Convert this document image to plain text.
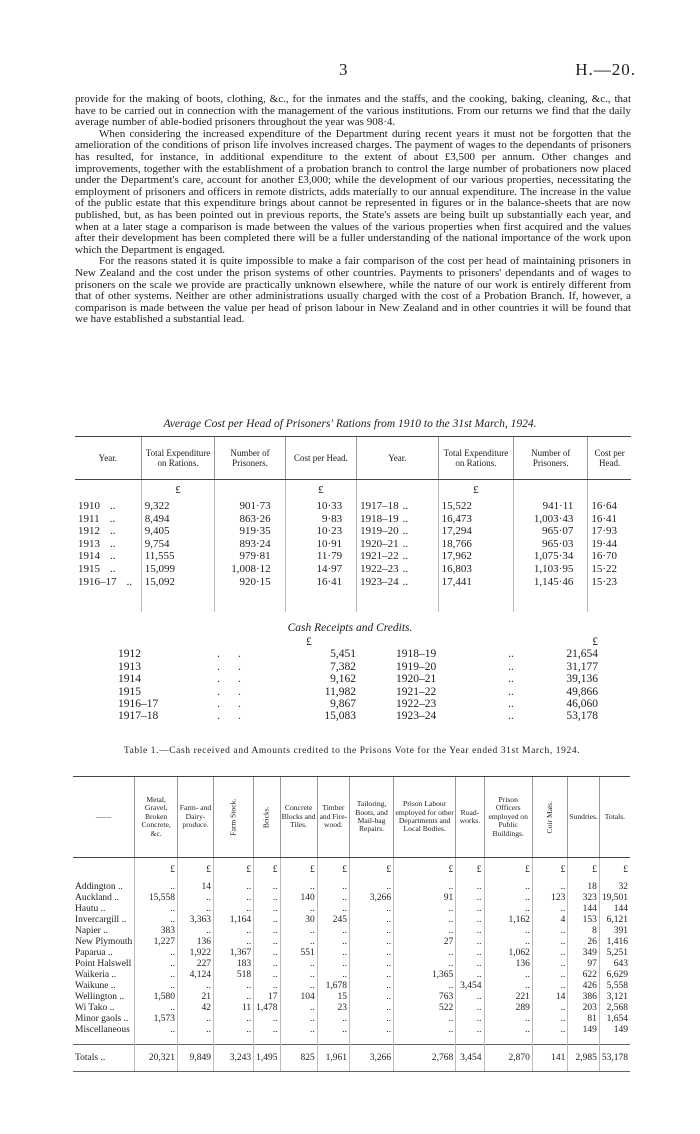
3	H.—20.

provide for the making of boots, clothing, &c., for the inmates and the staffs, and the cooking, baking, cleaning, &c., that have to be carried out in connection with the management of the various institutions. From our returns we find that the daily average number of able-bodied prisoners throughout the year was 908·4.

When considering the increased expenditure of the Department during recent years it must not be forgotten that the amelioration of the conditions of prison life involves increased charges. The payment of wages to the dependants of prisoners has resulted, for instance, in additional expenditure to the extent of about £3,500 per annum. Other changes and improvements, together with the establishment of a probation branch to control the large number of probationers now placed under the Department's care, account for another £3,000; while the development of our various properties, necessitating the employment of prisoners and officers in remote districts, adds materially to our annual expenditure. The increase in the value of the public estate that this expenditure brings about cannot be represented in figures or in the balance-sheets that are now published, but, as has been pointed out in previous reports, the State's assets are being built up substantially each year, and when at a later stage a comparison is made between the values of the various properties when first acquired and the values after their development has been completed there will be a fuller understanding of the national importance of the work upon which the Department is engaged.

For the reasons stated it is quite impossible to make a fair comparison of the cost per head of maintaining prisoners in New Zealand and the cost under the prison systems of other countries. Payments to prisoners' dependants and of wages to prisoners on the scale we provide are practically unknown elsewhere, while the nature of our work is entirely different from that of other systems. Neither are other administrations usually charged with the cost of a Probation Branch. If, however, a comparison is made between the value per head of prison labour in New Zealand and in other countries it will be found that we have established a substantial lead.

Average Cost per Head of Prisoners' Rations from 1910 to the 31st March, 1924.
Year.	Total Expenditure on Rations.	Number of Prisoners.	Cost per Head.	Year.	Total Expenditure on Rations.	Number of Prisoners.	Cost per Head.
	£		£		£		
1910 ..	9,322	901·73	10·33	1917–18 ..	15,522	941·11	16·64
1911 ..	8,494	863·26	9·83	1918–19 ..	16,473	1,003·43	16·41
1912 ..	9,405	919·35	10·23	1919–20 ..	17,294	965·07	17·93
1913 ..	9,754	893·24	10·91	1920–21 ..	18,766	965·03	19·44
1914 ..	11,555	979·81	11·79	1921–22 ..	17,962	1,075·34	16·70
1915 ..	15,099	1,008·12	14·97	1922–23 ..	16,803	1,103·95	15·22
1916–17 ..	15,092	920·15	16·41	1923–24 ..	17,441	1,145·46	15·23

Cash Receipts and Credits.
		£				£
1912	..	5,451		1918–19	..	21,654
1913	..	7,382		1919–20	..	31,177
1914	..	9,162		1920–21	..	39,136
1915	..	11,982		1921–22	..	49,866
1916–17	..	9,867		1922–23	..	46,060
1917–18	..	15,083		1923–24	..	53,178
Table 1.—Cash received and Amounts credited to the Prisons Vote for the Year ended 31st March, 1924.
——	Metal, Gravel, Broken Concrete, &c.	Farm- and Dairy-produce.	Farm Stock.	Bricks.	Concrete Blocks and Tiles.	Timber and Fire-wood.	Tailoring, Boots, and Mail-bag Repairs.	Prison Labour employed for other Departments and Local Bodies.	Road-works.	Prison Officers employed on Public Buildings.	Coir Mats.	Sundries.	Totals.
	£	£	£	£	£	£	£	£	£	£	£	£	£
Addington ..	..	14	..	..	..	..	..	..	..	..	..	18	32
Auckland ..	15,558	..	..	..	140	..	3,266	91	..	..	123	323	19,501
Hautu ..	..	..	..	..	..	..	..	..	..	..	..	144	144
Invercargill ..	..	3,363	1,164	..	30	245	..	..	..	1,162	4	153	6,121
Napier ..	383	..	..	..	..	..	..	..	..	..	..	8	391
New Plymouth	1,227	136	..	..	..	..	..	27	..	..	..	26	1,416
Paparua ..	..	1,922	1,367	..	551	..	..	..	..	1,062	..	349	5,251
Point Halswell	..	227	183	..	..	..	..	..	..	136	..	97	643
Waikeria ..	..	4,124	518	..	..	..	..	1,365	..	..	..	622	6,629
Waikune ..	..	..	..	..	..	1,678	..	..	3,454	..	..	426	5,558
Wellington ..	1,580	21	..	17	104	15	..	763	..	221	14	386	3,121
Wi Tako ..	..	42	11	1,478	..	23	..	522	..	289	..	203	2,568
Minor gaols ..	1,573	..	..	..	..	..	..	..	..	..	..	81	1,654
Miscellaneous	..	..	..	..	..	..	..	..	..	..	..	149	149

Totals ..	20,321	9,849	3,243	1,495	825	1,961	3,266	2,768	3,454	2,870	141	2,985	53,178
